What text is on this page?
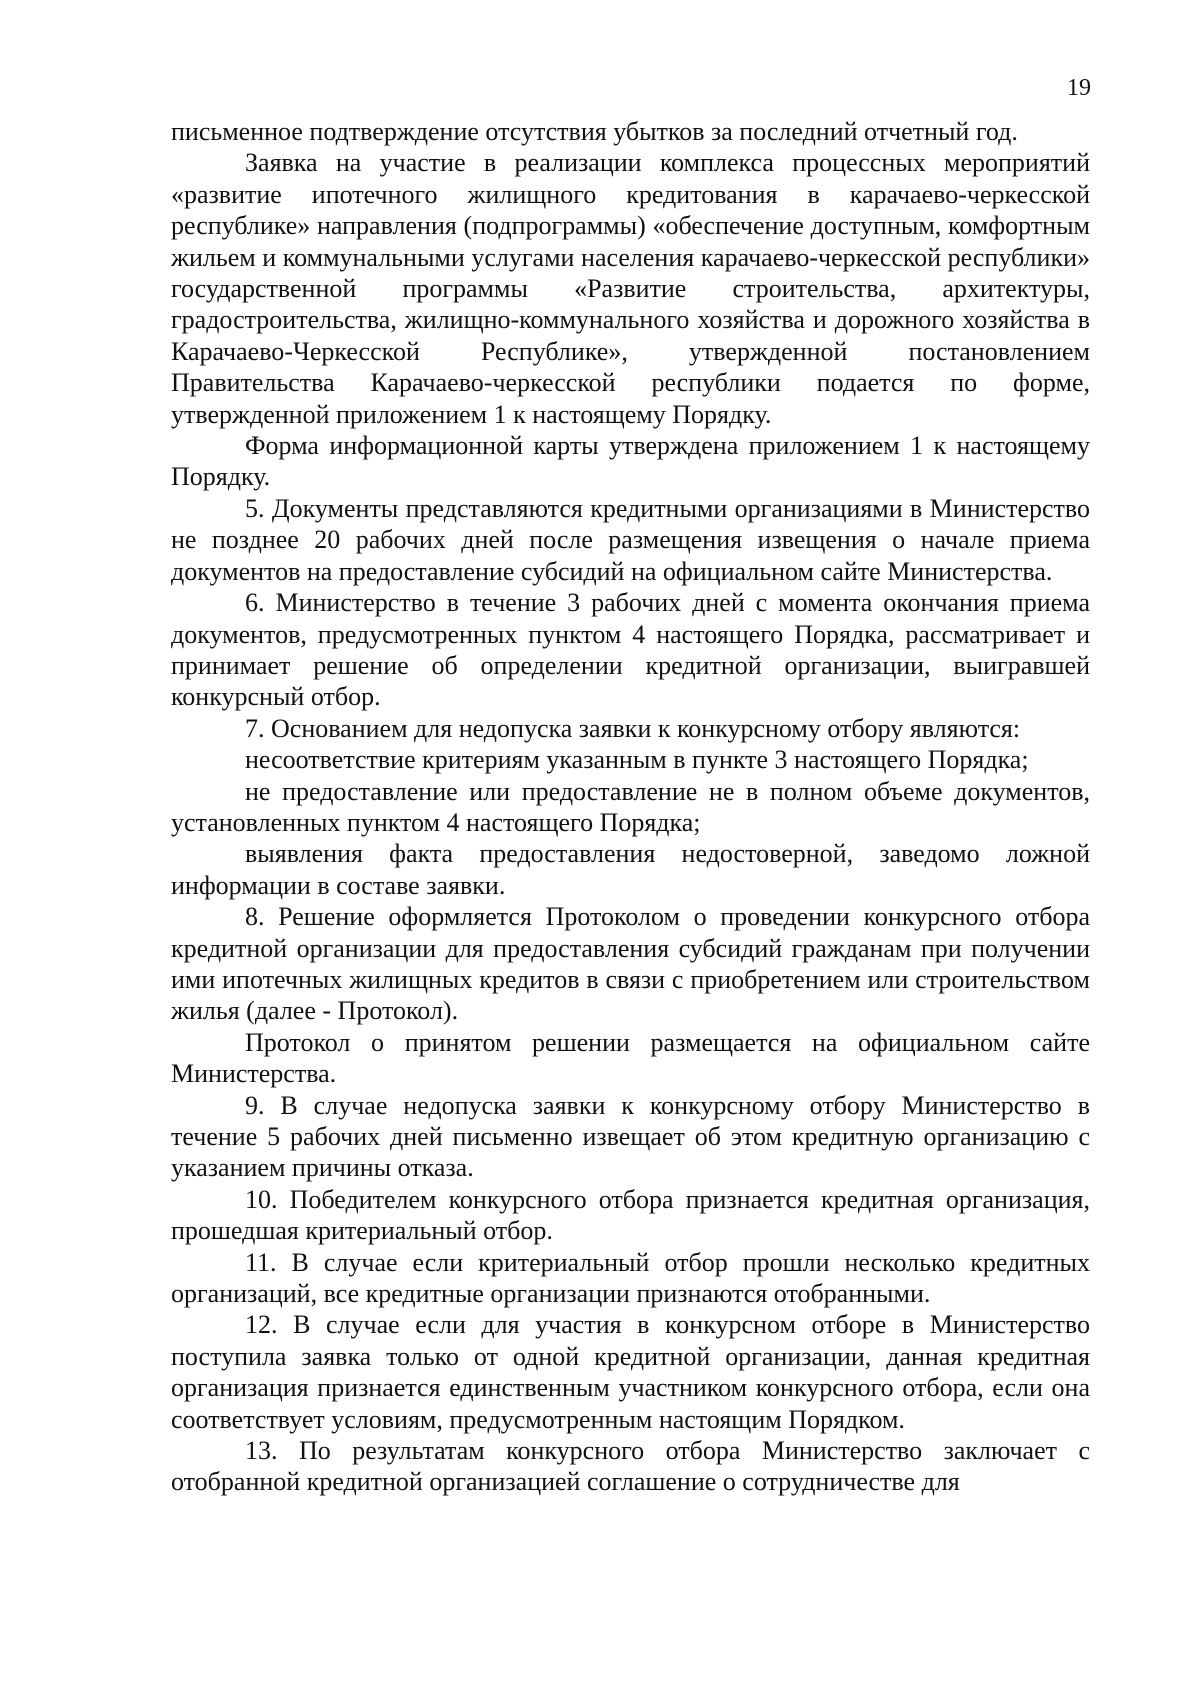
19

письменное подтверждение отсутствия убытков за последний отчетный год.

Заявка на участие в реализации комплекса процессных мероприятий «развитие ипотечного жилищного кредитования в карачаево-черкесской республике» направления (подпрограммы) «обеспечение доступным, комфортным жильем и коммунальными услугами населения карачаево-черкесской республики» государственной программы «Развитие строительства, архитектуры, градостроительства, жилищно-коммунального хозяйства и дорожного хозяйства в Карачаево-Черкесской Республике», утвержденной постановлением Правительства Карачаево-черкесской республики подается по форме, утвержденной приложением 1 к настоящему Порядку.

Форма информационной карты утверждена приложением 1 к настоящему Порядку.

5. Документы представляются кредитными организациями в Министерство не позднее 20 рабочих дней после размещения извещения о начале приема документов на предоставление субсидий на официальном сайте Министерства.

6. Министерство в течение 3 рабочих дней с момента окончания приема документов, предусмотренных пунктом 4 настоящего Порядка, рассматривает и принимает решение об определении кредитной организации, выигравшей конкурсный отбор.

7. Основанием для недопуска заявки к конкурсному отбору являются:

несоответствие критериям указанным в пункте 3 настоящего Порядка;

не предоставление или предоставление не в полном объеме документов, установленных пунктом 4 настоящего Порядка;

выявления факта предоставления недостоверной, заведомо ложной информации в составе заявки.

8. Решение оформляется Протоколом о проведении конкурсного отбора кредитной организации для предоставления субсидий гражданам при получении ими ипотечных жилищных кредитов в связи с приобретением или строительством жилья (далее - Протокол).

Протокол о принятом решении размещается на официальном сайте Министерства.

9. В случае недопуска заявки к конкурсному отбору Министерство в течение 5 рабочих дней письменно извещает об этом кредитную организацию с указанием причины отказа.

10. Победителем конкурсного отбора признается кредитная организация, прошедшая критериальный отбор.

11. В случае если критериальный отбор прошли несколько кредитных организаций, все кредитные организации признаются отобранными.

12. В случае если для участия в конкурсном отборе в Министерство поступила заявка только от одной кредитной организации, данная кредитная организация признается единственным участником конкурсного отбора, если она соответствует условиям, предусмотренным настоящим Порядком.

13. По результатам конкурсного отбора Министерство заключает с отобранной кредитной организацией соглашение о сотрудничестве для
